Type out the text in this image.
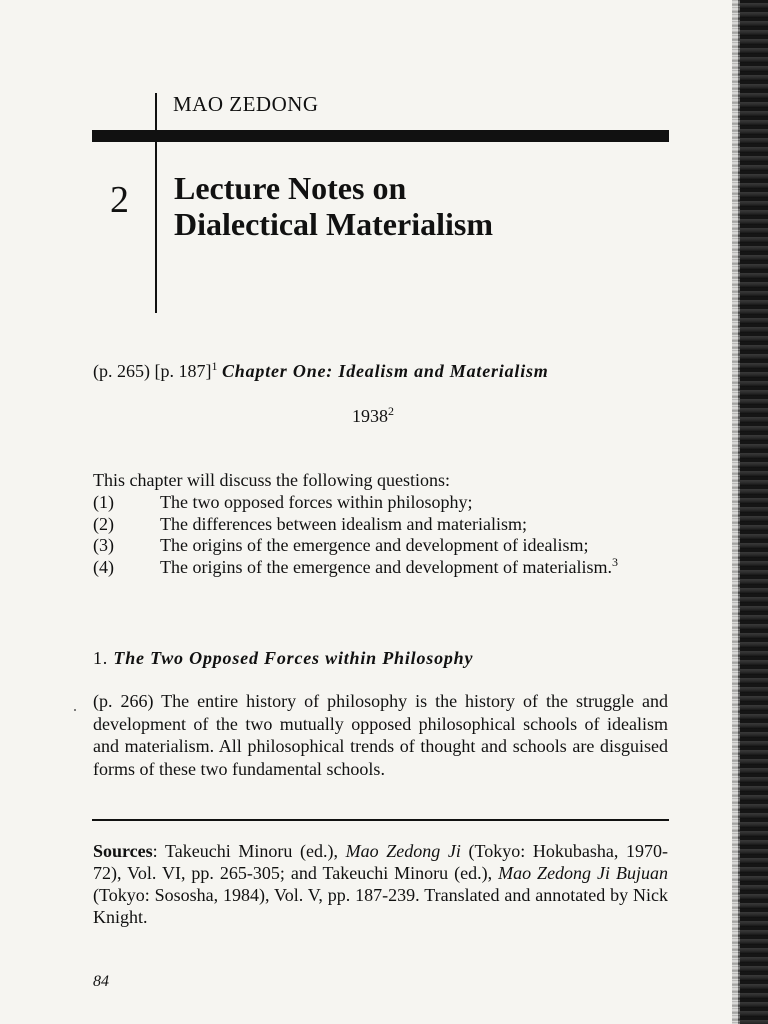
MAO ZEDONG

2 Lecture Notes on
Dialectical Materialism

(p. 265) [p. 187]$^1$ Chapter One: Idealism and Materialism

1938$^2$

This chapter will discuss the following questions:

(1)	The two opposed forces within philosophy;
(2)	The differences between idealism and materialism;
(3)	The origins of the emergence and development of idealism;
(4)	The origins of the emergence and development of materialism.$^3$

1. The Two Opposed Forces within Philosophy

(p. 266) The entire history of philosophy is the history of the struggle and development of the two mutually opposed philosophical schools of idealism and materialism. All philosophical trends of thought and schools are disguised forms of these two fundamental schools.

Sources: Takeuchi Minoru (ed.), Mao Zedong Ji (Tokyo: Hokubasha, 1970-72), Vol. VI, pp. 265-305; and Takeuchi Minoru (ed.), Mao Zedong Ji Bujuan (Tokyo: Sososha, 1984), Vol. V, pp. 187-239. Translated and annotated by Nick Knight.

84
